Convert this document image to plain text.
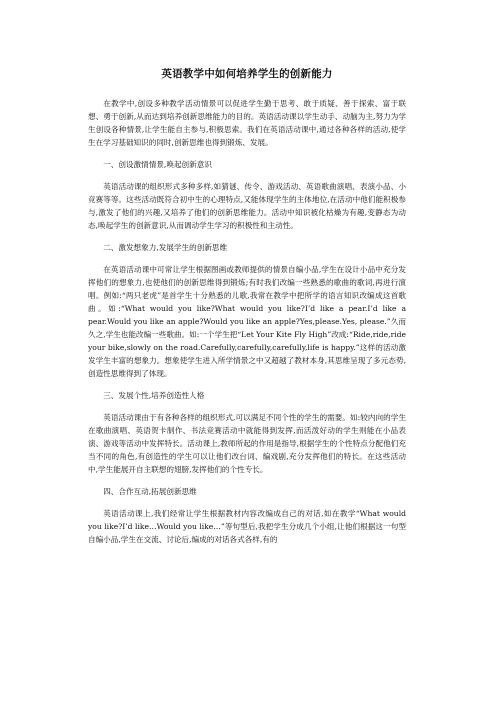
英语教学中如何培养学生的创新能力

在教学中,创设多种教学活动情景可以促进学生勤于思考、敢于质疑、善于探索、富于联想、勇于创新,从而达到培养创新思维能力的目的。英语活动课以学生动手、动脑为主,努力为学生创设各种情景,让学生能自主参与,积极思索。我们在英语活动课中,通过各种各样的活动,使学生在学习基础知识的同时,创新思维也得到锻炼、发展。

一、创设激情情景,唤起创新意识

英语活动课的组织形式多种多样,如猜谜、传令、游戏活动、英语歌曲演唱、表演小品、小竞赛等等。这些活动既符合初中生的心理特点,又能体现学生的主体地位,在活动中他们能积极参与,激发了他们的兴趣,又培养了他们的创新思维能力。活动中知识被化枯燥为有趣,变静态为动态,唤起学生的创新意识,从而调动学生学习的积极性和主动性。

二、激发想象力,发展学生的创新思维

在英语活动课中可常让学生根据图画或教师提供的情景自编小品,学生在设计小品中充分发挥他们的想象力,也使他们的创新思维得到锻炼;有时我们改编一些熟悉的歌曲的歌词,再进行演唱。例如:“两只老虎”是首学生十分熟悉的儿歌,我常在教学中把所学的语言知识改编成这首歌曲。如:“What would you like?What would you like?I’d like a pear.I’d like a pear.Would you like an apple?Would you like an apple?Yes,please.Yes, please.”久而久之,学生也能改编一些歌曲。如:一个学生把“Let Your Kite Fly High”改成:“Ride,ride,ride your bike,slowly on the road.Carefully,carefully,carefully,life is happy.”这样的活动激发学生丰富的想象力。想象使学生进入所学情景之中又超越了教材本身,其思维呈现了多元态势,创造性思维得到了体现。

三、发展个性,培养创造性人格

英语活动课由于有各种各样的组织形式,可以满足不同个性的学生的需要。如:较内向的学生在歌曲演唱、英语贺卡制作、书法竞赛活动中就能得到发挥,而活泼好动的学生则能在小品表演、游戏等活动中发挥特长。活动课上,教师所起的作用是指导,根据学生的个性特点分配他们充当不同的角色,有创造性的学生可以让他们改台词、编戏剧,充分发挥他们的特长。在这些活动中,学生能展开自主联想的翅膀,发挥他们的个性专长。

四、合作互动,拓展创新思维

英语活动课上,我们经常让学生根据教材内容改编成自己的对话,如在教学“What would you like?I’d like…Would you like…”等句型后,我把学生分成几个小组,让他们根据这一句型自编小品,学生在交流、讨论后,编成的对话各式各样,有的
